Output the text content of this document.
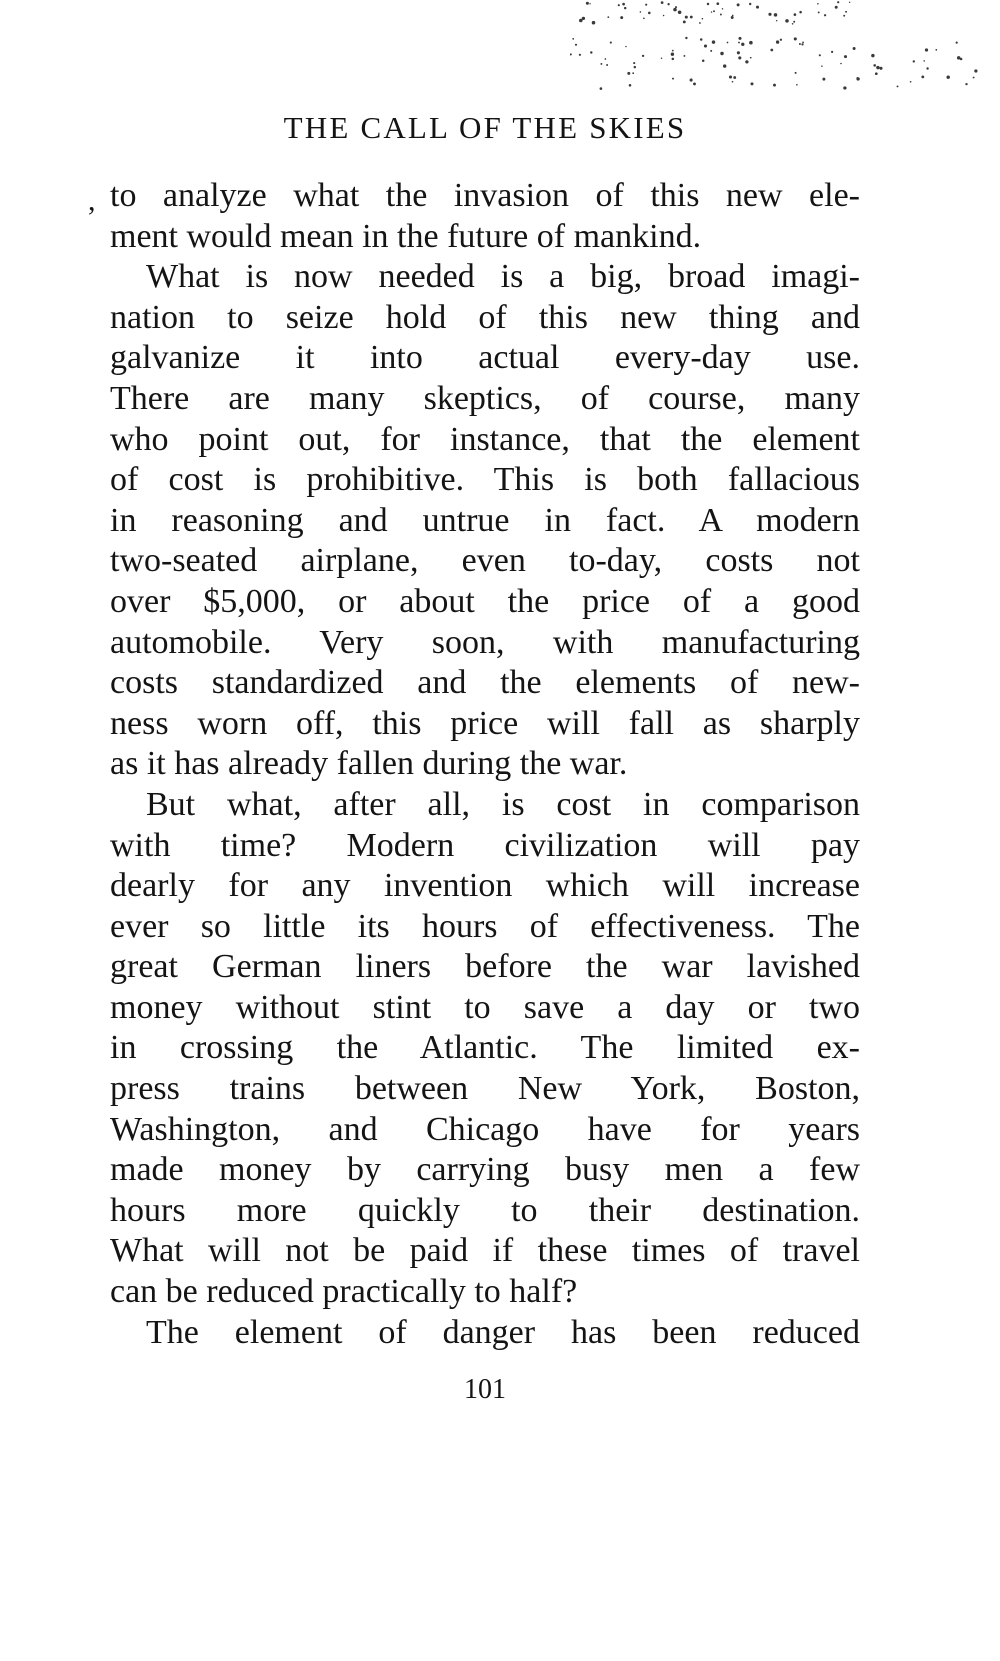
THE CALL OF THE SKIES
, to analyze what the invasion of this new ele-
ment would mean in the future of mankind.
What is now needed is a big, broad imagi-
nation to seize hold of this new thing and
galvanize it into actual every-day use.
There are many skeptics, of course, many
who point out, for instance, that the element
of cost is prohibitive. This is both fallacious
in reasoning and untrue in fact. A modern
two-seated airplane, even to-day, costs not
over $5,000, or about the price of a good
automobile. Very soon, with manufacturing
costs standardized and the elements of new-
ness worn off, this price will fall as sharply
as it has already fallen during the war.
But what, after all, is cost in comparison
with time? Modern civilization will pay
dearly for any invention which will increase
ever so little its hours of effectiveness. The
great German liners before the war lavished
money without stint to save a day or two
in crossing the Atlantic. The limited ex-
press trains between New York, Boston,
Washington, and Chicago have for years
made money by carrying busy men a few
hours more quickly to their destination.
What will not be paid if these times of travel
can be reduced practically to half?
The element of danger has been reduced
101
